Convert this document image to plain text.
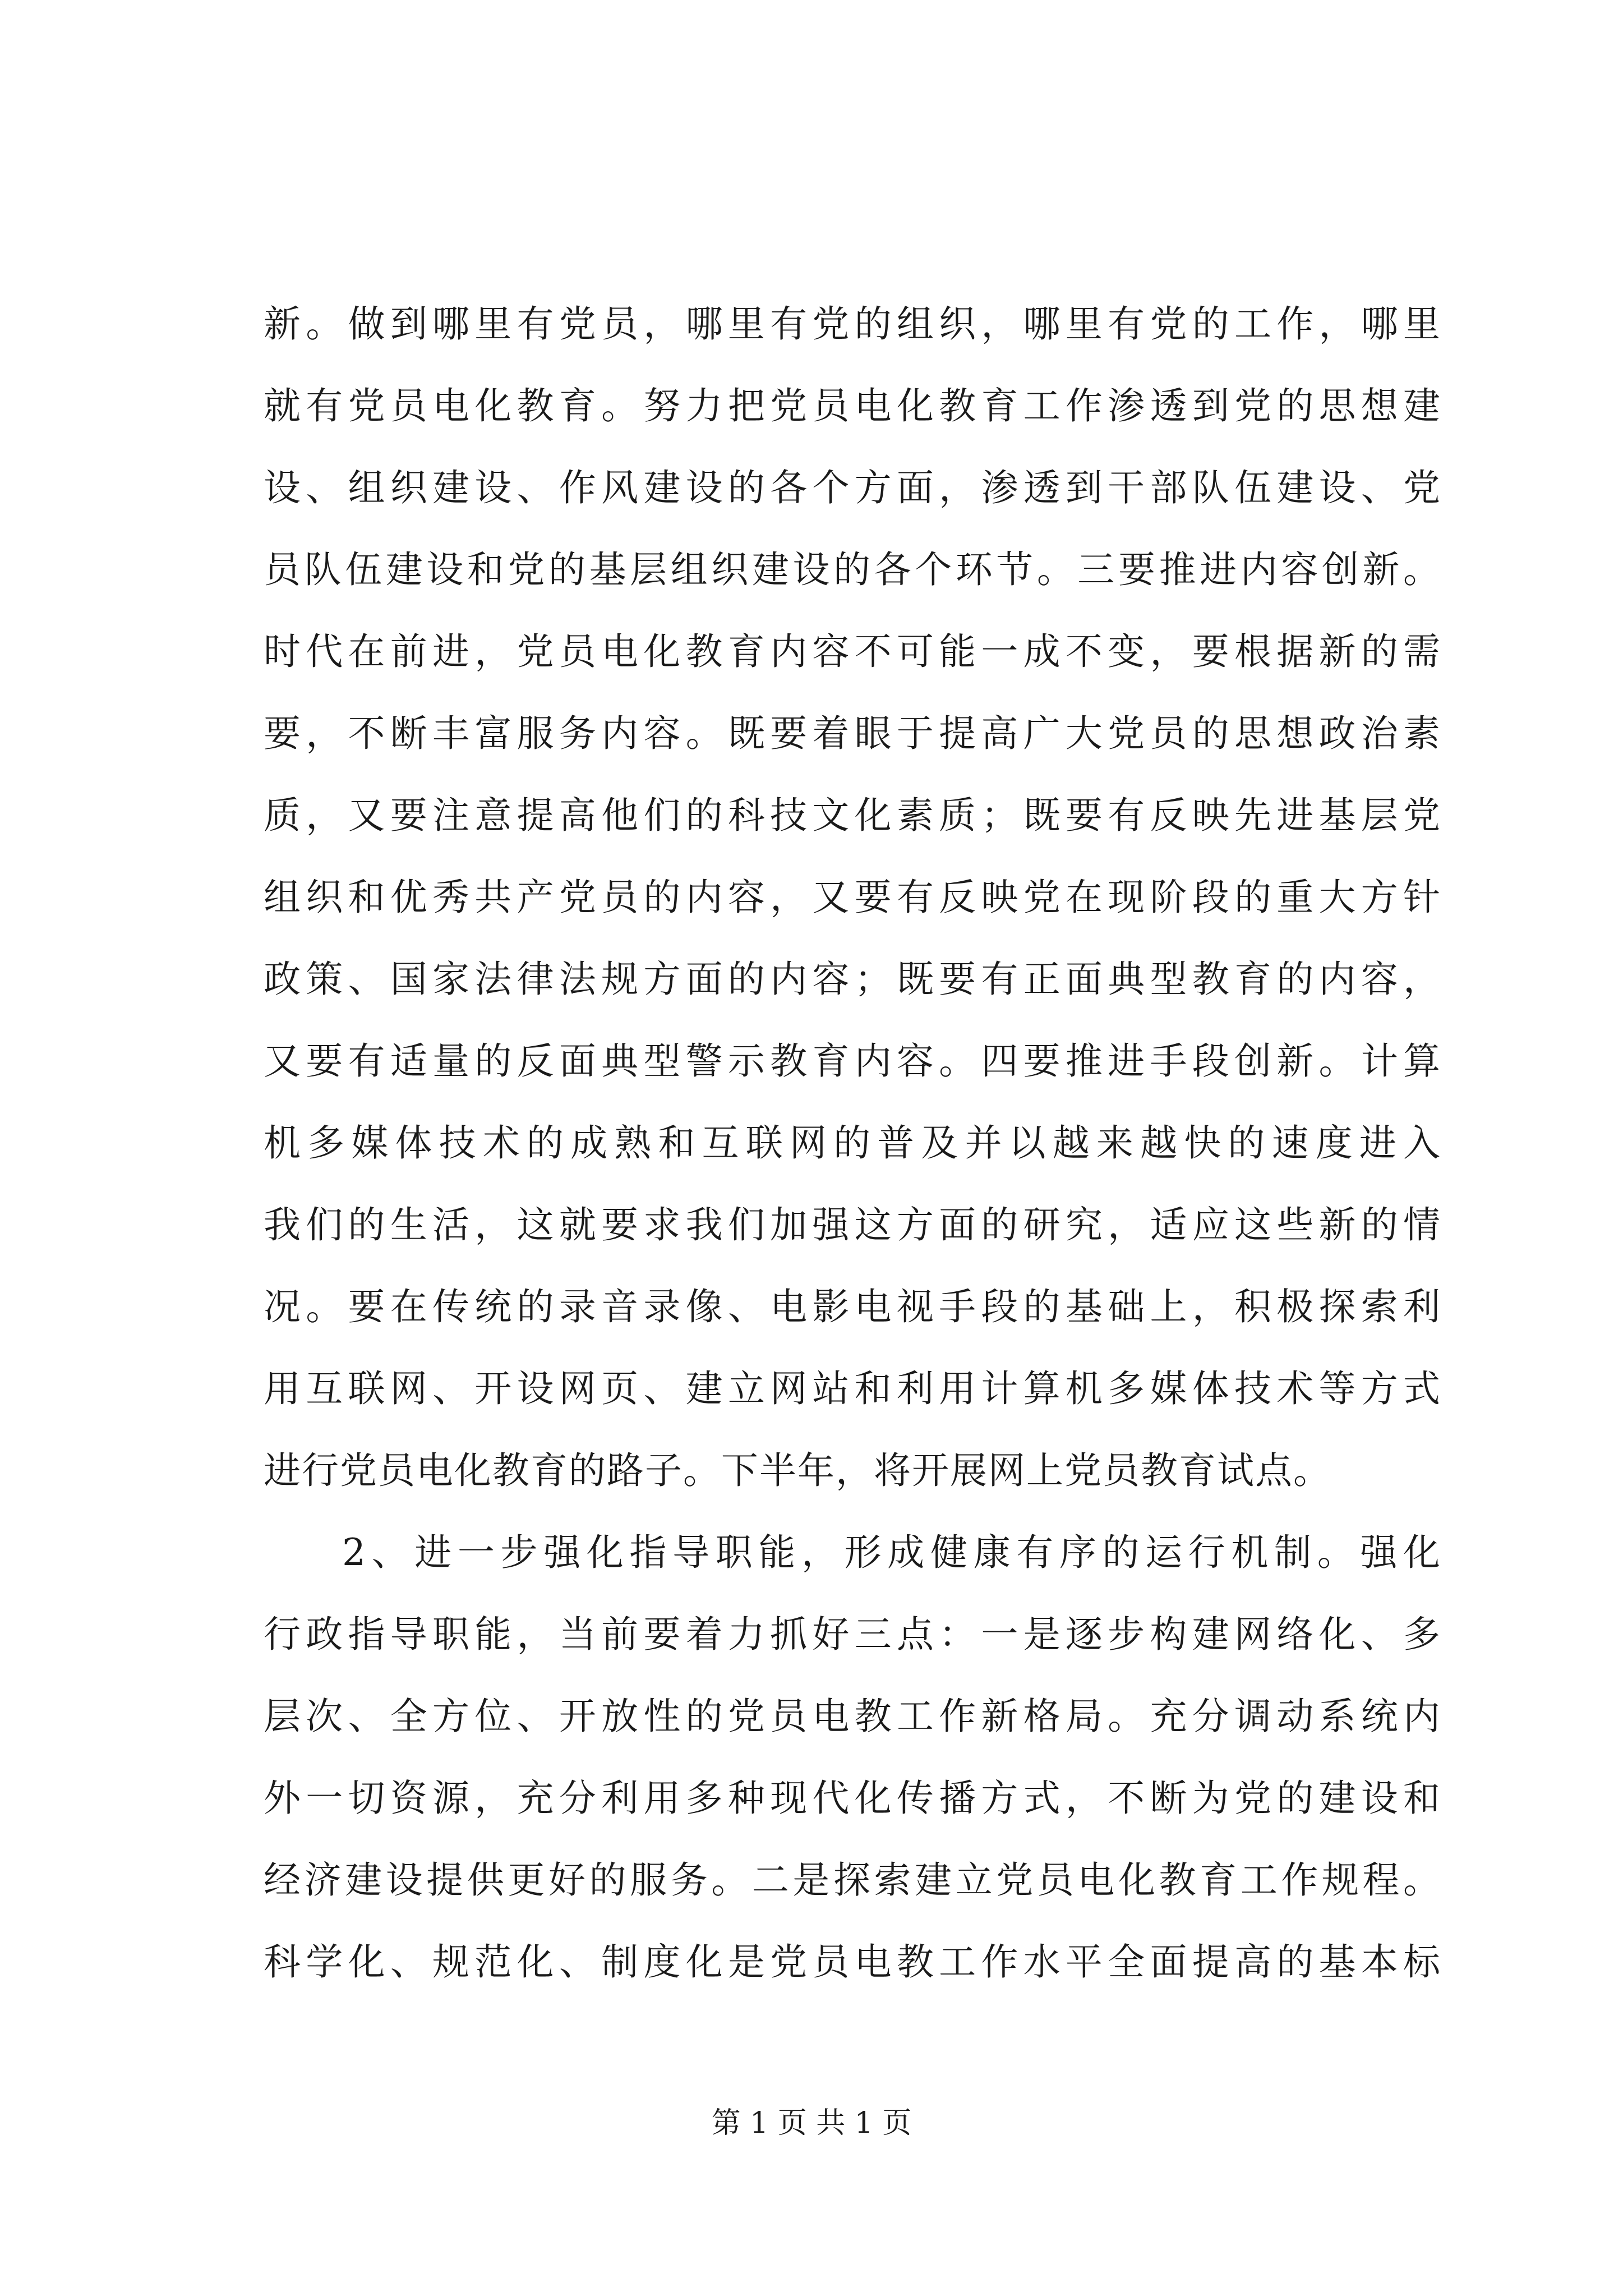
新。做到哪里有党员，哪里有党的组织，哪里有党的工作，哪里
就有党员电化教育。努力把党员电化教育工作渗透到党的思想建
设、组织建设、作风建设的各个方面，渗透到干部队伍建设、党
员队伍建设和党的基层组织建设的各个环节。三要推进内容创新。
时代在前进，党员电化教育内容不可能一成不变，要根据新的需
要，不断丰富服务内容。既要着眼于提高广大党员的思想政治素
质，又要注意提高他们的科技文化素质；既要有反映先进基层党
组织和优秀共产党员的内容，又要有反映党在现阶段的重大方针
政策、国家法律法规方面的内容；既要有正面典型教育的内容，
又要有适量的反面典型警示教育内容。四要推进手段创新。计算
机多媒体技术的成熟和互联网的普及并以越来越快的速度进入
我们的生活，这就要求我们加强这方面的研究，适应这些新的情
况。要在传统的录音录像、电影电视手段的基础上，积极探索利
用互联网、开设网页、建立网站和利用计算机多媒体技术等方式
进行党员电化教育的路子。下半年，将开展网上党员教育试点。
2、进一步强化指导职能，形成健康有序的运行机制。强化
行政指导职能，当前要着力抓好三点：一是逐步构建网络化、多
层次、全方位、开放性的党员电教工作新格局。充分调动系统内
外一切资源，充分利用多种现代化传播方式，不断为党的建设和
经济建设提供更好的服务。二是探索建立党员电化教育工作规程。
科学化、规范化、制度化是党员电教工作水平全面提高的基本标
第 1 页 共 1 页
